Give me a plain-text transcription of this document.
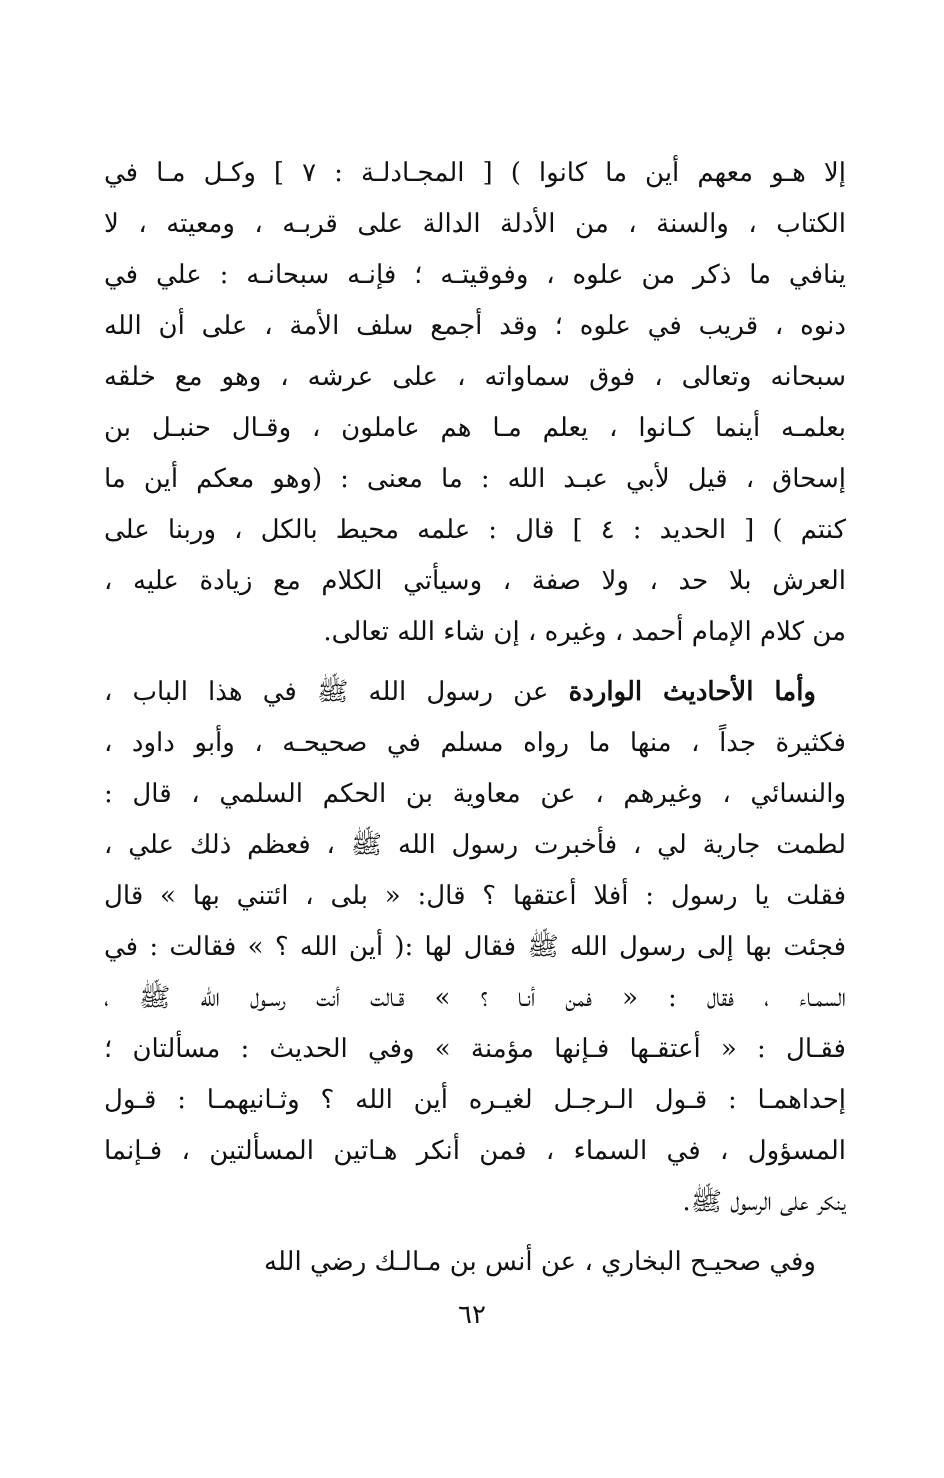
إلا هـو معهم أين ما كانوا ) [ المجـادلـة : ٧ ] وكـل مـا في
الكتاب ، والسنة ، من الأدلة الدالة على قربـه ، ومعيته ، لا
ينافي ما ذكر من علوه ، وفوقيتـه ؛ فإنـه سبحانـه : علي في
دنوه ، قريب في علوه ؛ وقد أجمع سلف الأمة ، على أن الله
سبحانه وتعالى ، فوق سماواته ، على عرشه ، وهو مع خلقه
بعلمـه أينما كـانوا ، يعلم مـا هم عاملون ، وقـال حنبـل بن
إسحاق ، قيل لأبي عبـد الله : ما معنى : (وهو معكم أين ما
كنتم ) [ الحديد : ٤ ] قال : علمه محيط بالكل ، وربنا على
العرش بلا حد ، ولا صفة ، وسيأتي الكلام مع زيادة عليه ،
من كلام الإمام أحمد ، وغيره ، إن شاء الله تعالى.
وأما الأحاديث الواردة عن رسول الله ﷺ في هذا الباب ،
فكثيرة جداً ، منها ما رواه مسلم في صحيحـه ، وأبو داود ،
والنسائي ، وغيرهم ، عن معاوية بن الحكم السلمي ، قال :
لطمت جارية لي ، فأخبرت رسول الله ﷺ ، فعظم ذلك علي ،
فقلت يا رسول : أفلا أعتقها ؟ قال: « بلى ، ائتني بها » قال
فجئت بها إلى رسول الله ﷺ فقال لها :( أين الله ؟ » فقالت : في
السمـاء ، فقال : « فمن أنـا ؟ » قـالت أنت رسـول الله ﷺ ،
فقـال : « أعتقـها فـإنها مؤمنة » وفي الحديث : مسألتان ؛
إحداهمـا : قـول الـرجـل لغيـره أين الله ؟ وثـانيهمـا : قـول
المسؤول ، في السماء ، فمن أنكر هـاتين المسألتين ، فـإنما
ينكر على الرسول ﷺ.
وفي صحيـح البخاري ، عن أنس بن مـالـك رضي الله
٦٢
